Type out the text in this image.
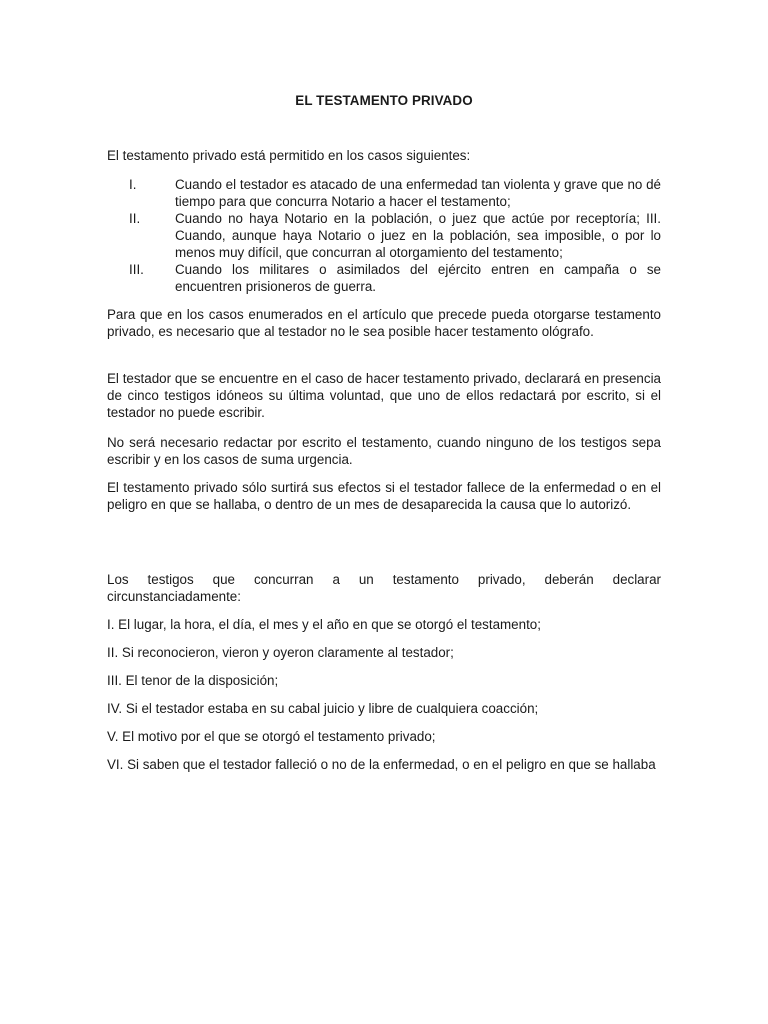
EL TESTAMENTO PRIVADO
El testamento privado está permitido en los casos siguientes:
I.	Cuando el testador es atacado de una enfermedad tan violenta y grave que no dé tiempo para que concurra Notario a hacer el testamento;
II.	Cuando no haya Notario en la población, o juez que actúe por receptoría; III. Cuando, aunque haya Notario o juez en la población, sea imposible, o por lo menos muy difícil, que concurran al otorgamiento del testamento;
III. Cuando los militares o asimilados del ejército entren en campaña o se encuentren prisioneros de guerra.

Para que en los casos enumerados en el artículo que precede pueda otorgarse testamento privado, es necesario que al testador no le sea posible hacer testamento ológrafo.

El testador que se encuentre en el caso de hacer testamento privado, declarará en presencia de cinco testigos idóneos su última voluntad, que uno de ellos redactará por escrito, si el testador no puede escribir.

No será necesario redactar por escrito el testamento, cuando ninguno de los testigos sepa escribir y en los casos de suma urgencia.

El testamento privado sólo surtirá sus efectos si el testador fallece de la enfermedad o en el peligro en que se hallaba, o dentro de un mes de desaparecida la causa que lo autorizó.

Los testigos que concurran a un testamento privado, deberán declarar
circunstanciadamente:
I. El lugar, la hora, el día, el mes y el año en que se otorgó el testamento;
II. Si reconocieron, vieron y oyeron claramente al testador;
III. El tenor de la disposición;
IV. Si el testador estaba en su cabal juicio y libre de cualquiera coacción;
V. El motivo por el que se otorgó el testamento privado;

VI. Si saben que el testador falleció o no de la enfermedad, o en el peligro en que se hallaba
